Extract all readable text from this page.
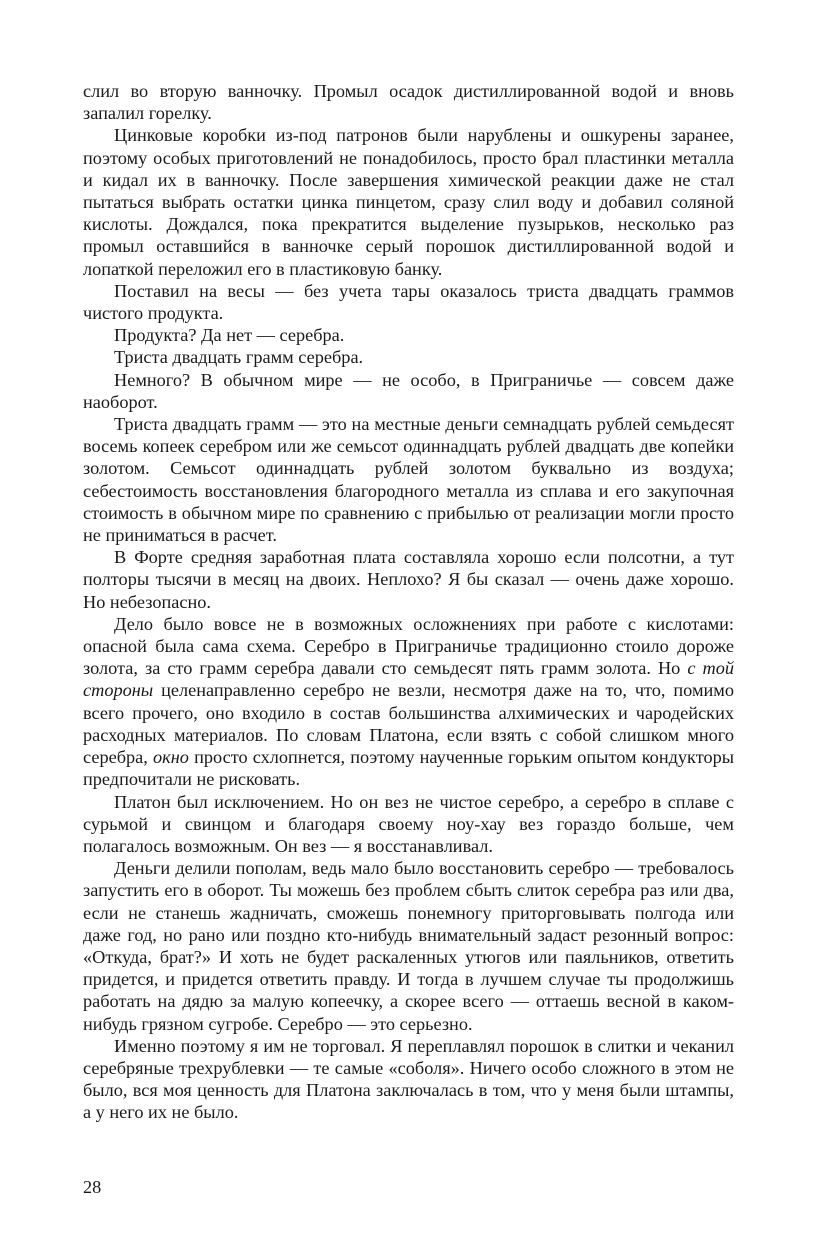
слил во вторую ванночку. Промыл осадок дистиллированной водой и вновь запалил горелку.

Цинковые коробки из-под патронов были нарублены и ошкурены заранее, поэтому особых приготовлений не понадобилось, просто брал пластинки металла и кидал их в ванночку. После завершения химической реакции даже не стал пытаться выбрать остатки цинка пинцетом, сразу слил воду и добавил соляной кислоты. Дождался, пока прекратится выделение пузырьков, несколько раз промыл оставшийся в ванночке серый порошок дистиллированной водой и лопаткой переложил его в пластиковую банку.

Поставил на весы — без учета тары оказалось триста двадцать граммов чистого продукта.

Продукта? Да нет — серебра.

Триста двадцать грамм серебра.

Немного? В обычном мире — не особо, в Приграничье — совсем даже наоборот.

Триста двадцать грамм — это на местные деньги семнадцать рублей семьдесят восемь копеек серебром или же семьсот одиннадцать рублей двадцать две копейки золотом. Семьсот одиннадцать рублей золотом буквально из воздуха; себестоимость восстановления благородного металла из сплава и его закупочная стоимость в обычном мире по сравнению с прибылью от реализации могли просто не приниматься в расчет.

В Форте средняя заработная плата составляла хорошо если полсотни, а тут полторы тысячи в месяц на двоих. Неплохо? Я бы сказал — очень даже хорошо. Но небезопасно.

Дело было вовсе не в возможных осложнениях при работе с кислотами: опасной была сама схема. Серебро в Приграничье традиционно стоило дороже золота, за сто грамм серебра давали сто семьдесят пять грамм золота. Но с той стороны целенаправленно серебро не везли, несмотря даже на то, что, помимо всего прочего, оно входило в состав большинства алхимических и чародейских расходных материалов. По словам Платона, если взять с собой слишком много серебра, окно просто схлопнется, поэтому наученные горьким опытом кондукторы предпочитали не рисковать.

Платон был исключением. Но он вез не чистое серебро, а серебро в сплаве с сурьмой и свинцом и благодаря своему ноу-хау вез гораздо больше, чем полагалось возможным. Он вез — я восстанавливал.

Деньги делили пополам, ведь мало было восстановить серебро — требовалось запустить его в оборот. Ты можешь без проблем сбыть слиток серебра раз или два, если не станешь жадничать, сможешь понемногу приторговывать полгода или даже год, но рано или поздно кто-нибудь внимательный задаст резонный вопрос: «Откуда, брат?» И хоть не будет раскаленных утюгов или паяльников, ответить придется, и придется ответить правду. И тогда в лучшем случае ты продолжишь работать на дядю за малую копеечку, а скорее всего — оттаешь весной в каком-нибудь грязном сугробе. Серебро — это серьезно.

Именно поэтому я им не торговал. Я переплавлял порошок в слитки и чеканил серебряные трехрублевки — те самые «соболя». Ничего особо сложного в этом не было, вся моя ценность для Платона заключалась в том, что у меня были штампы, а у него их не было.

28
